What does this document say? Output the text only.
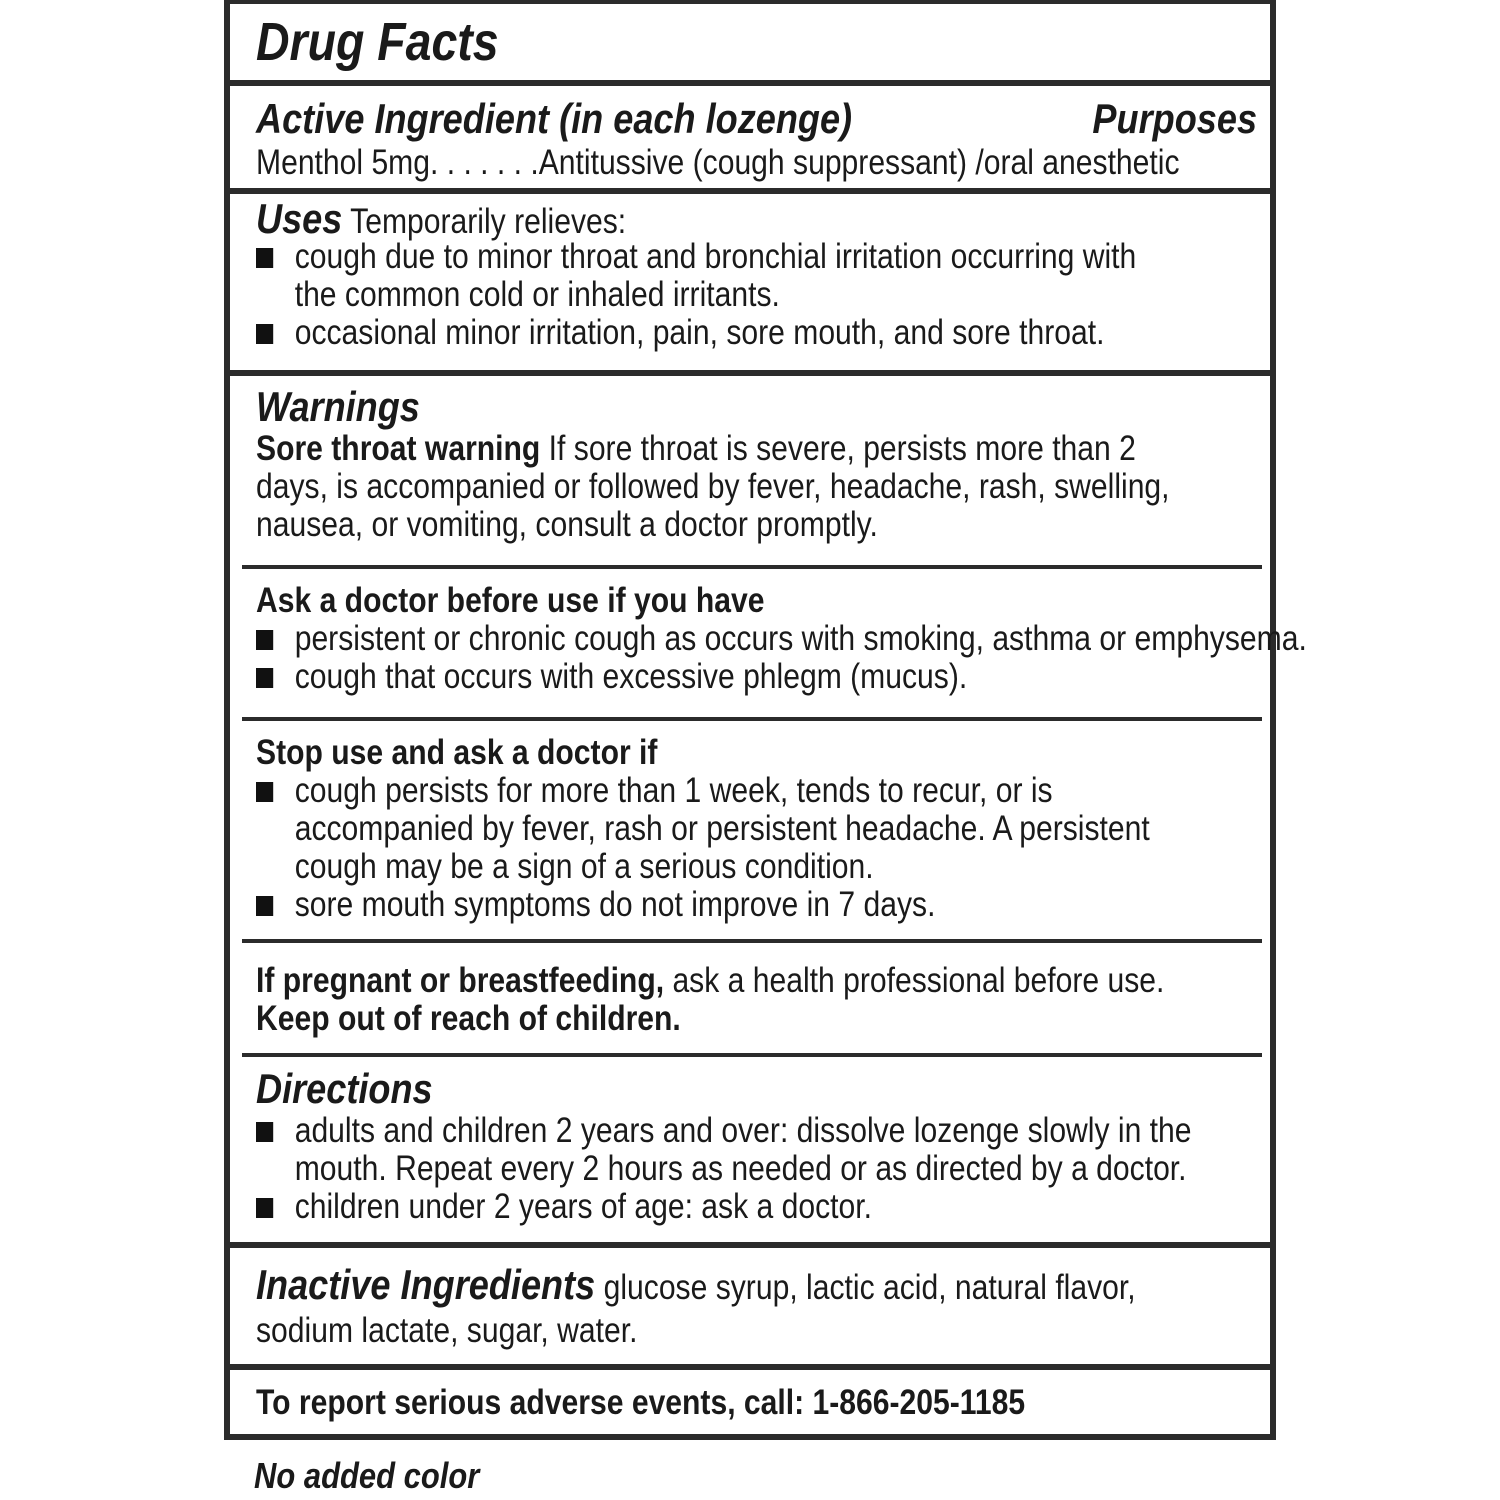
Drug Facts
Active Ingredient (in each lozenge)	Purposes
Menthol 5mg. . . . . . .Antitussive (cough suppressant) /oral anesthetic
Uses Temporarily relieves:
cough due to minor throat and bronchial irritation occurring with
the common cold or inhaled irritants.
occasional minor irritation, pain, sore mouth, and sore throat.
Warnings
Sore throat warning If sore throat is severe, persists more than 2
days, is accompanied or followed by fever, headache, rash, swelling,
nausea, or vomiting, consult a doctor promptly.
Ask a doctor before use if you have
persistent or chronic cough as occurs with smoking, asthma or emphysema.
cough that occurs with excessive phlegm (mucus).
Stop use and ask a doctor if
cough persists for more than 1 week, tends to recur, or is
accompanied by fever, rash or persistent headache. A persistent
cough may be a sign of a serious condition.
sore mouth symptoms do not improve in 7 days.
If pregnant or breastfeeding, ask a health professional before use.
Keep out of reach of children.
Directions
adults and children 2 years and over: dissolve lozenge slowly in the
mouth. Repeat every 2 hours as needed or as directed by a doctor.
children under 2 years of age: ask a doctor.
Inactive Ingredients glucose syrup, lactic acid, natural flavor,
sodium lactate, sugar, water.
To report serious adverse events, call: 1-866-205-1185
No added color
